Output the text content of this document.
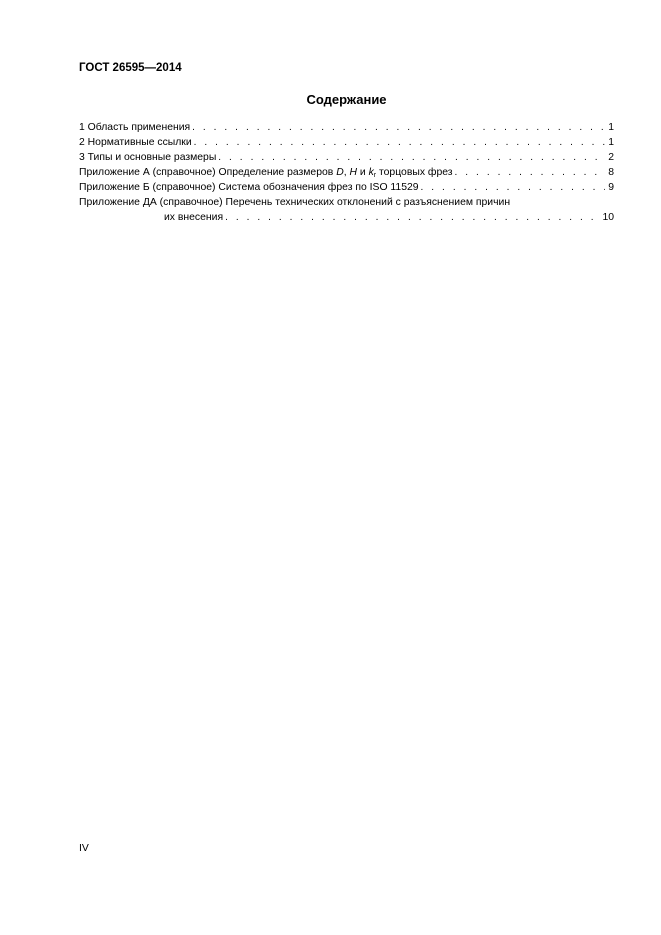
ГОСТ 26595—2014
Содержание
1 Область применения . . .	1
2 Нормативные ссылки . . .	1
3 Типы и основные размеры . . .	2
Приложение А (справочное) Определение размеров D, H и $k_r$ торцовых фрез . . .	8
Приложение Б (справочное) Система обозначения фрез по ISO 11529 . . .	9
Приложение ДА (справочное) Перечень технических отклонений с разъяснением причин
их внесения . . .	10
IV
